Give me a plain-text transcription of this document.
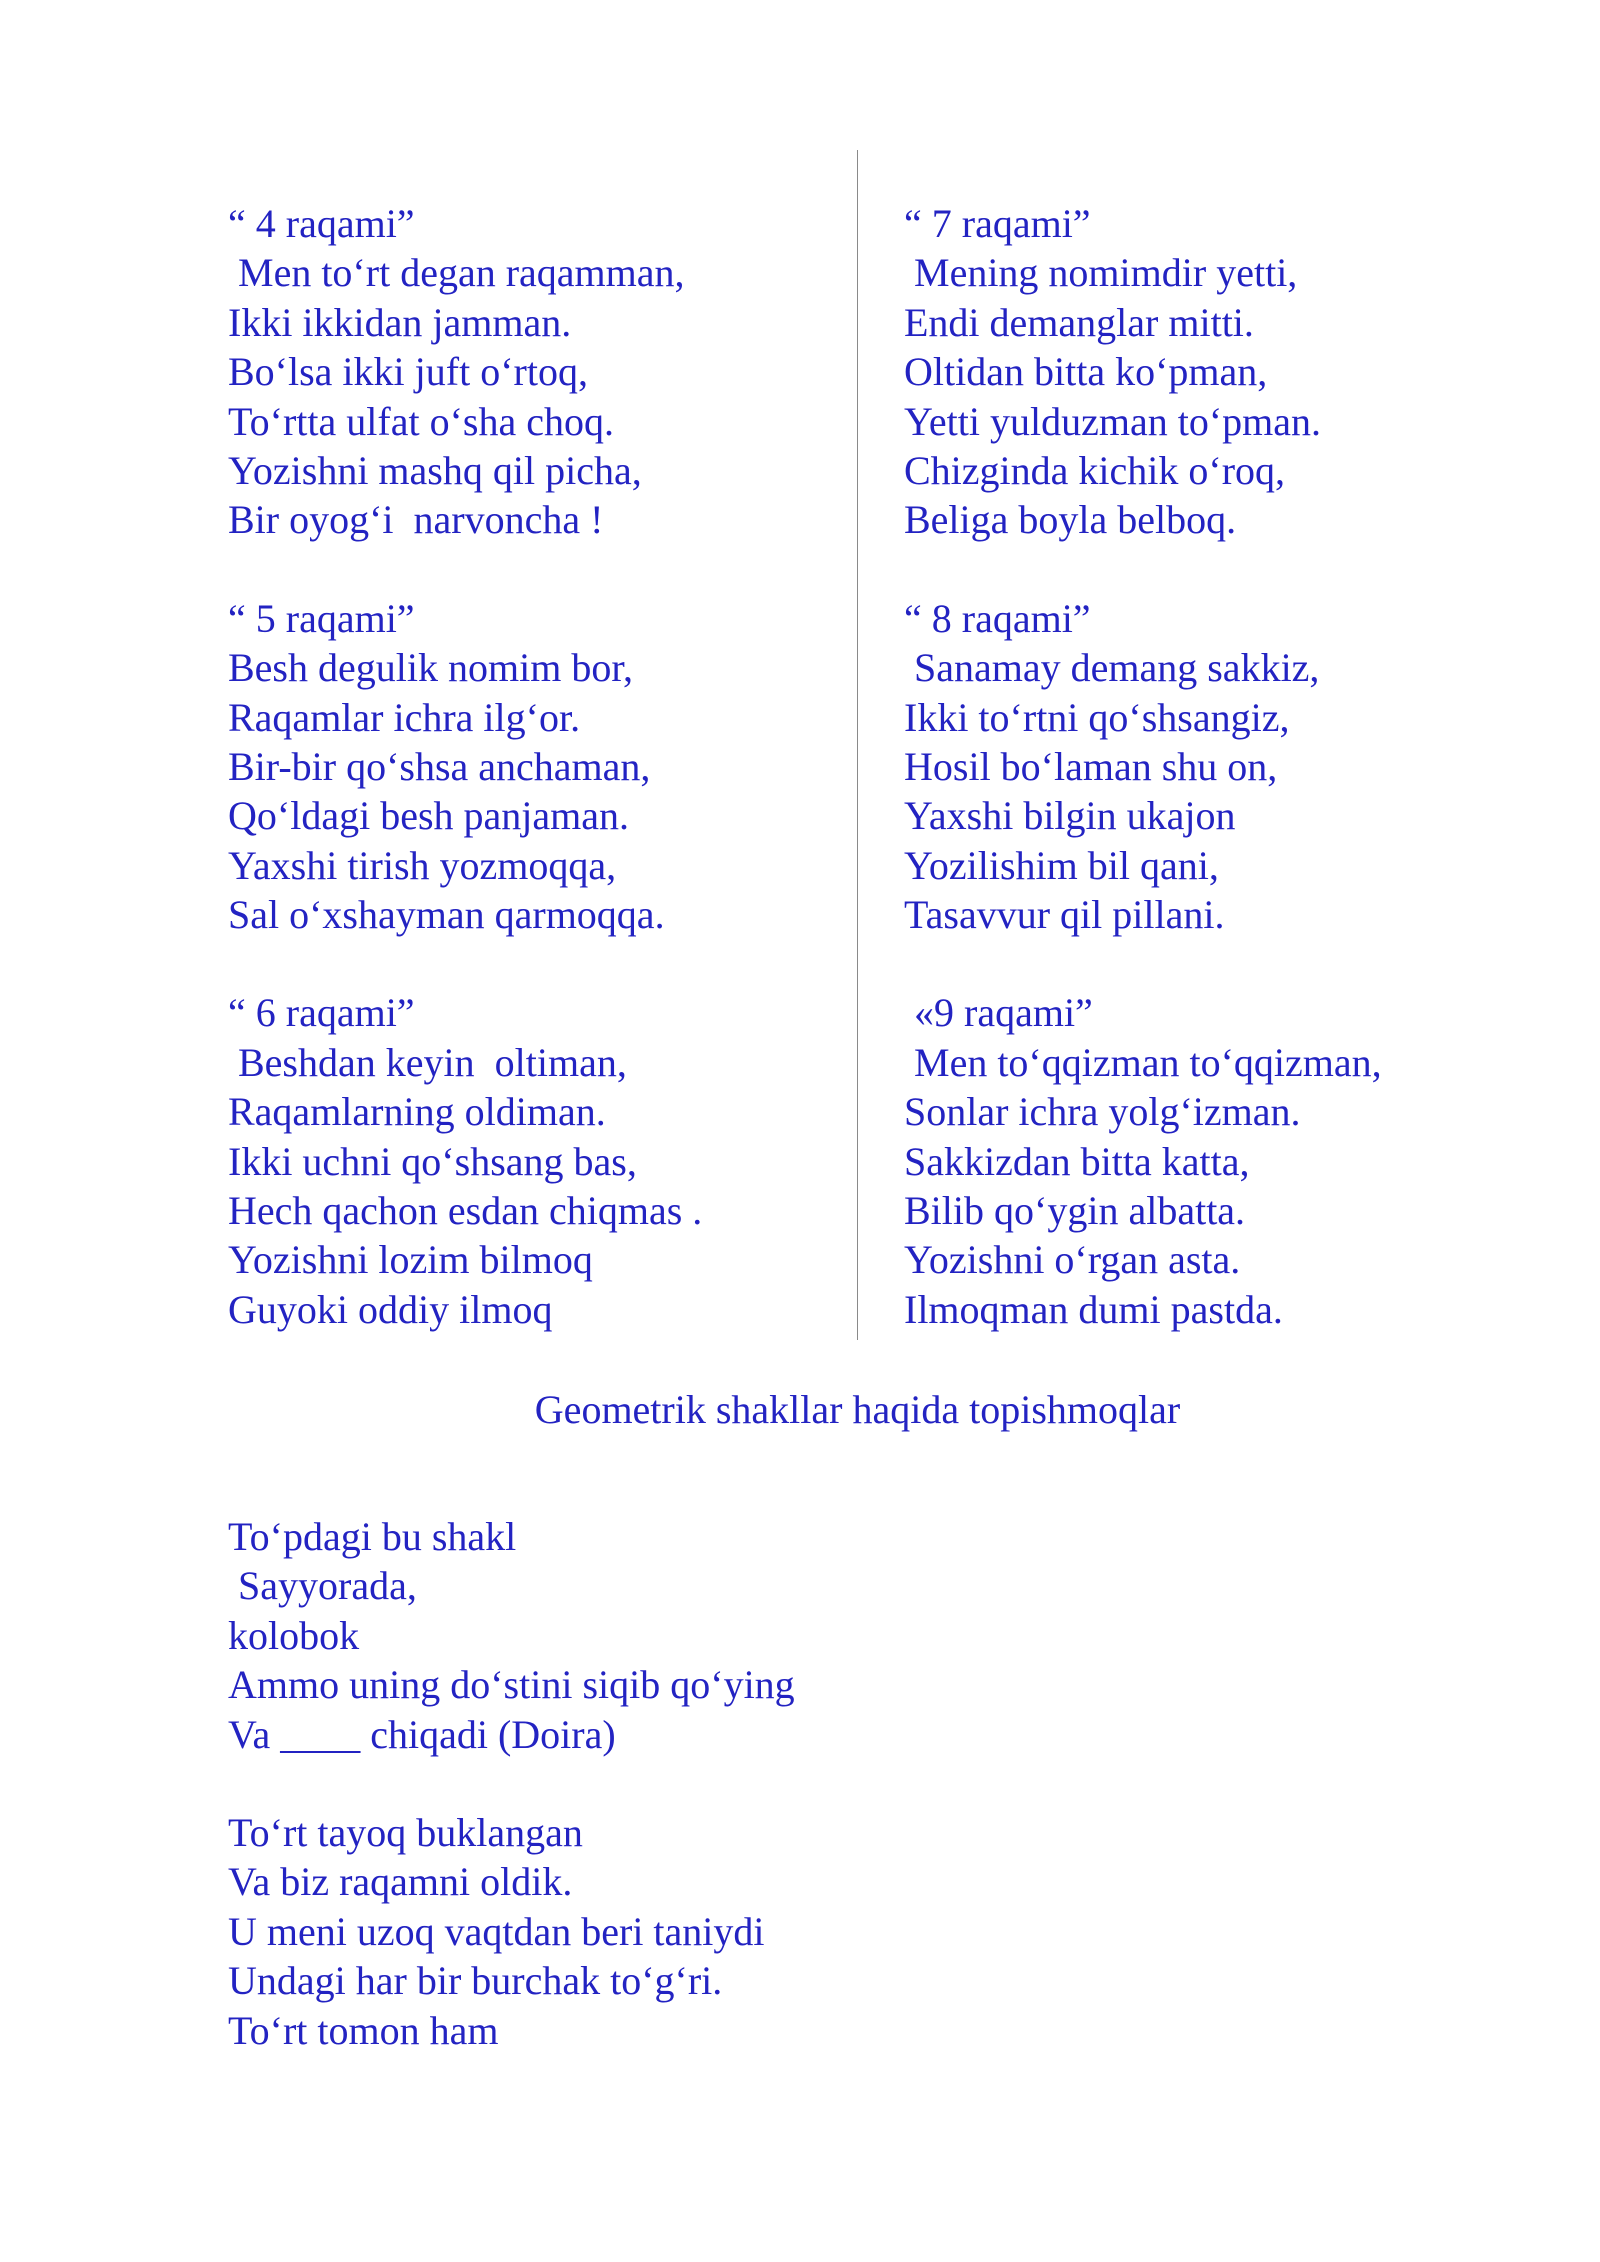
“ 4 raqami”
Men to‘rt degan raqamman,
Ikki ikkidan jamman.
Bo‘lsa ikki juft o‘rtoq,
To‘rtta ulfat o‘sha choq.
Yozishni mashq qil picha,
Bir oyog‘i  narvoncha !
“ 5 raqami”
Besh degulik nomim bor,
Raqamlar ichra ilg‘or.
Bir-bir qo‘shsa anchaman,
Qo‘ldagi besh panjaman.
Yaxshi tirish yozmoqqa,
Sal o‘xshayman qarmoqqa.
“ 6 raqami”
Beshdan keyin  oltiman,
Raqamlarning oldiman.
Ikki uchni qo‘shsang bas,
Hech qachon esdan chiqmas .
Yozishni lozim bilmoq
Guyoki oddiy ilmoq
“ 7 raqami”
Mening nomimdir yetti,
Endi demanglar mitti.
Oltidan bitta ko‘pman,
Yetti yulduzman to‘pman.
Chizginda kichik o‘roq,
Beliga boyla belboq.
“ 8 raqami”
Sanamay demang sakkiz,
Ikki to‘rtni qo‘shsangiz,
Hosil bo‘laman shu on,
Yaxshi bilgin ukajon
Yozilishim bil qani,
Tasavvur qil pillani.
«9 raqami”
Men to‘qqizman to‘qqizman,
Sonlar ichra yolg‘izman.
Sakkizdan bitta katta,
Bilib qo‘ygin albatta.
Yozishni o‘rgan asta.
Ilmoqman dumi pastda.
Geometrik shakllar haqida topishmoqlar
To‘pdagi bu shakl
Sayyorada,
kolobok
Ammo uning do‘stini siqib qo‘ying
Va ____ chiqadi (Doira)
To‘rt tayoq buklangan
Va biz raqamni oldik.
U meni uzoq vaqtdan beri taniydi
Undagi har bir burchak to‘g‘ri.
To‘rt tomon ham
